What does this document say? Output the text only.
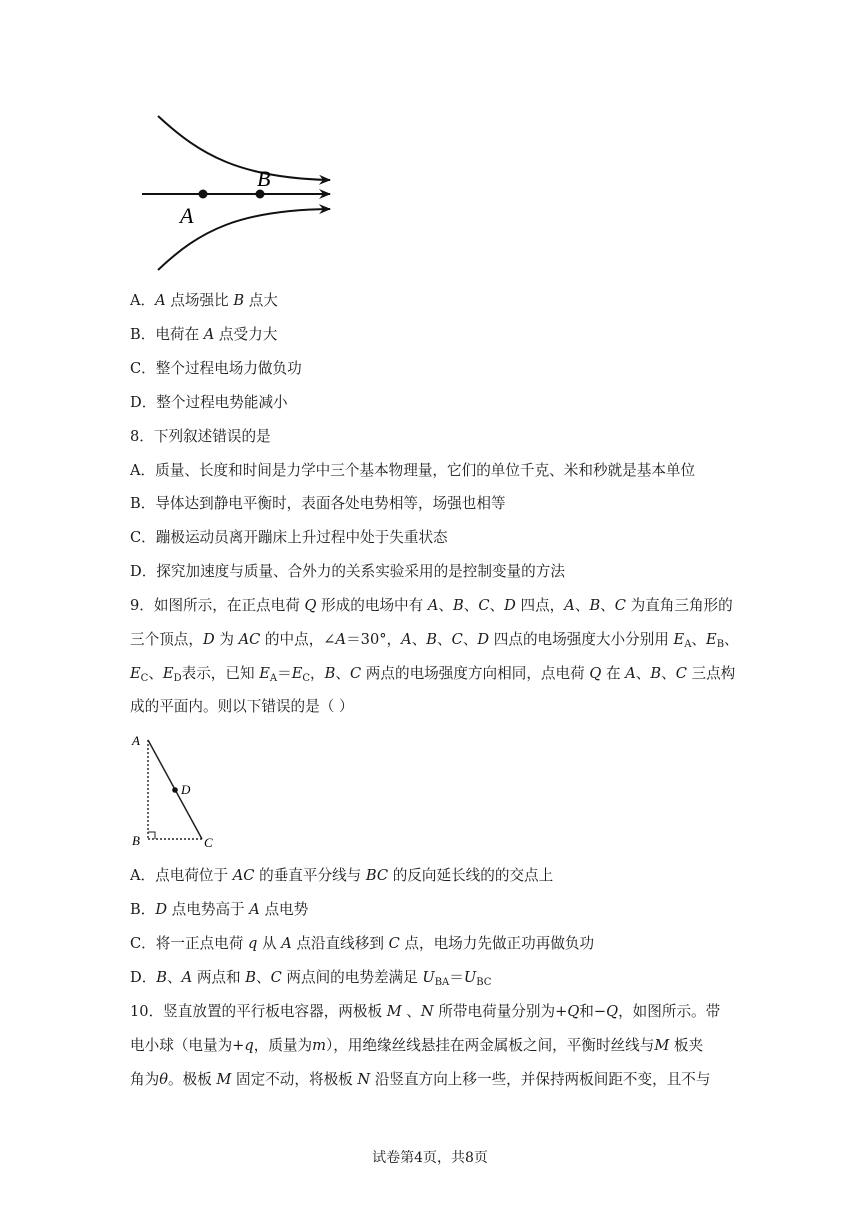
A
B
A．A 点场强比 B 点大
B．电荷在 A 点受力大
C．整个过程电场力做负功
D．整个过程电势能减小
8．下列叙述错误的是
A．质量、长度和时间是力学中三个基本物理量，它们的单位千克、米和秒就是基本单位
B．导体达到静电平衡时，表面各处电势相等，场强也相等
C．蹦极运动员离开蹦床上升过程中处于失重状态
D．探究加速度与质量、合外力的关系实验采用的是控制变量的方法
9．如图所示，在正点电荷 Q 形成的电场中有 A、B、C、D 四点，A、B、C 为直角三角形的
三个顶点，D 为 AC 的中点，∠A＝30°，A、B、C、D 四点的电场强度大小分别用 $E_A$、$E_B$、
$E_C$、$E_D$表示，已知 $E_A=E_C$，B、C 两点的电场强度方向相同，点电荷 Q 在 A、B、C 三点构
成的平面内。则以下错误的是（ ）
A
D
B	C
A．点电荷位于 AC 的垂直平分线与 BC 的反向延长线的的交点上
B．D 点电势高于 A 点电势
C．将一正点电荷 q 从 A 点沿直线移到 C 点，电场力先做正功再做负功
D．B、A 两点和 B、C 两点间的电势差满足 $U_{BA}=U_{BC}$
10．竖直放置的平行板电容器，两极板 M 、N 所带电荷量分别为+Q和−Q，如图所示。带
电小球（电量为+q，质量为m），用绝缘丝线悬挂在两金属板之间，平衡时丝线与M 板夹
角为θ。极板 M 固定不动，将极板 N 沿竖直方向上移一些，并保持两板间距不变，且不与
试卷第4页，共8页
